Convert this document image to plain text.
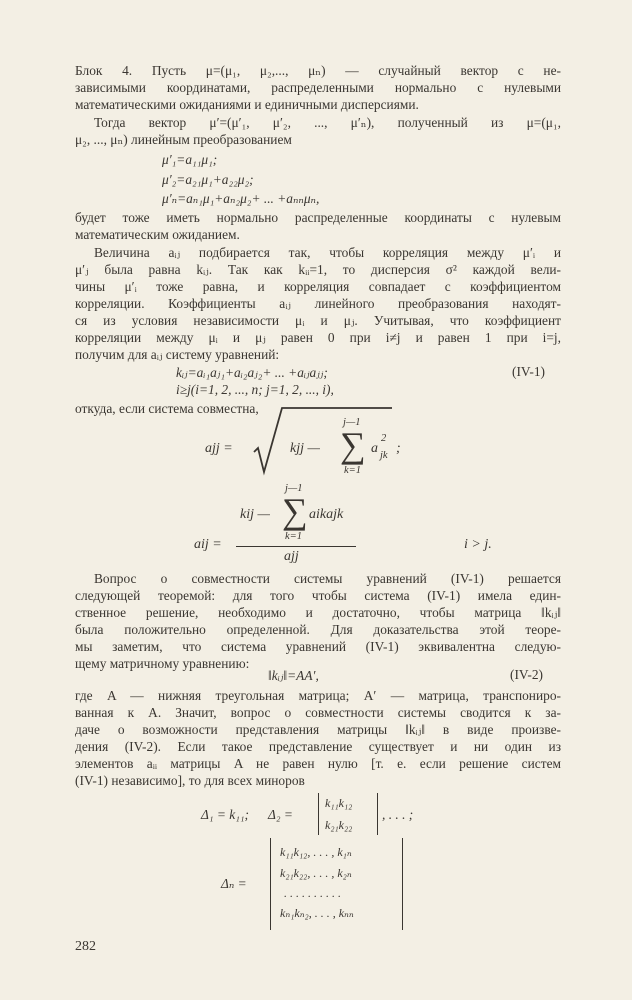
Блок 4. Пусть μ=(μ₁, μ₂,..., μₙ) — случайный вектор с не-
зависимыми координатами, распределенными нормально с нулевыми
математическими ожиданиями и единичными дисперсиями.
Тогда вектор μ′=(μ′₁, μ′₂, ..., μ′ₙ), полученный из μ=(μ₁,
μ₂, ..., μₙ) линейным преобразованием
μ′₁=a₁₁μ₁;
μ′₂=a₂₁μ₁+a₂₂μ₂;
μ′ₙ=aₙ₁μ₁+aₙ₂μ₂+ ... +aₙₙμₙ,
будет тоже иметь нормально распределенные координаты с нулевым
математическим ожиданием.
Величина aᵢⱼ подбирается так, чтобы корреляция между μ′ᵢ и
μ′ⱼ была равна kᵢⱼ. Так как kᵢᵢ=1, то дисперсия σ² каждой вели-
чины μ′ᵢ тоже равна, и корреляция совпадает с коэффициентом
корреляции. Коэффициенты aᵢⱼ линейного преобразования находят-
ся из условия независимости μᵢ и μⱼ. Учитывая, что коэффициент
корреляции между μᵢ и μⱼ равен 0 при i≠j и равен 1 при i=j,
получим для aᵢⱼ систему уравнений:
kᵢⱼ=aᵢ₁aⱼ₁+aᵢ₂aⱼ₂+ ... +aᵢⱼaⱼⱼ;	(IV-1)
i≥j(i=1, 2, ..., n; j=1, 2, ..., i),
откуда, если система совместна,
ajj =	kjj —
j—1
∑
k=1
a
2
jk ;
j—1
kij — ∑ aikajk
k=1
aij =
ajj
i > j.
Вопрос о совместности системы уравнений (IV-1) решается
следующей теоремой: для того чтобы система (IV-1) имела един-
ственное решение, необходимо и достаточно, чтобы матрица ‖kᵢⱼ‖
была положительно определенной. Для доказательства этой теоре-
мы заметим, что система уравнений (IV-1) эквивалентна следую-
щему матричному уравнению:
‖kᵢⱼ‖=AA′,	(IV-2)
где A — нижняя треугольная матрица; A′ — матрица, транспониро-
ванная к A. Значит, вопрос о совместности системы сводится к за-
даче о возможности представления матрицы ‖kᵢⱼ‖ в виде произве-
дения (IV-2). Если такое представление существует и ни один из
элементов aᵢᵢ матрицы A не равен нулю [т. е. если решение систем
(IV-1) независимо], то для всех миноров
Δ₁ = k₁₁; Δ₂ =
k₁₁k₁₂
k₂₁k₂₂
, . . . ;
Δₙ =
k₁₁k₁₂, . . . , k₁ₙ
k₂₁k₂₂, . . . , k₂ₙ
. . . . . . . . . .
kₙ₁kₙ₂, . . . , kₙₙ
282
